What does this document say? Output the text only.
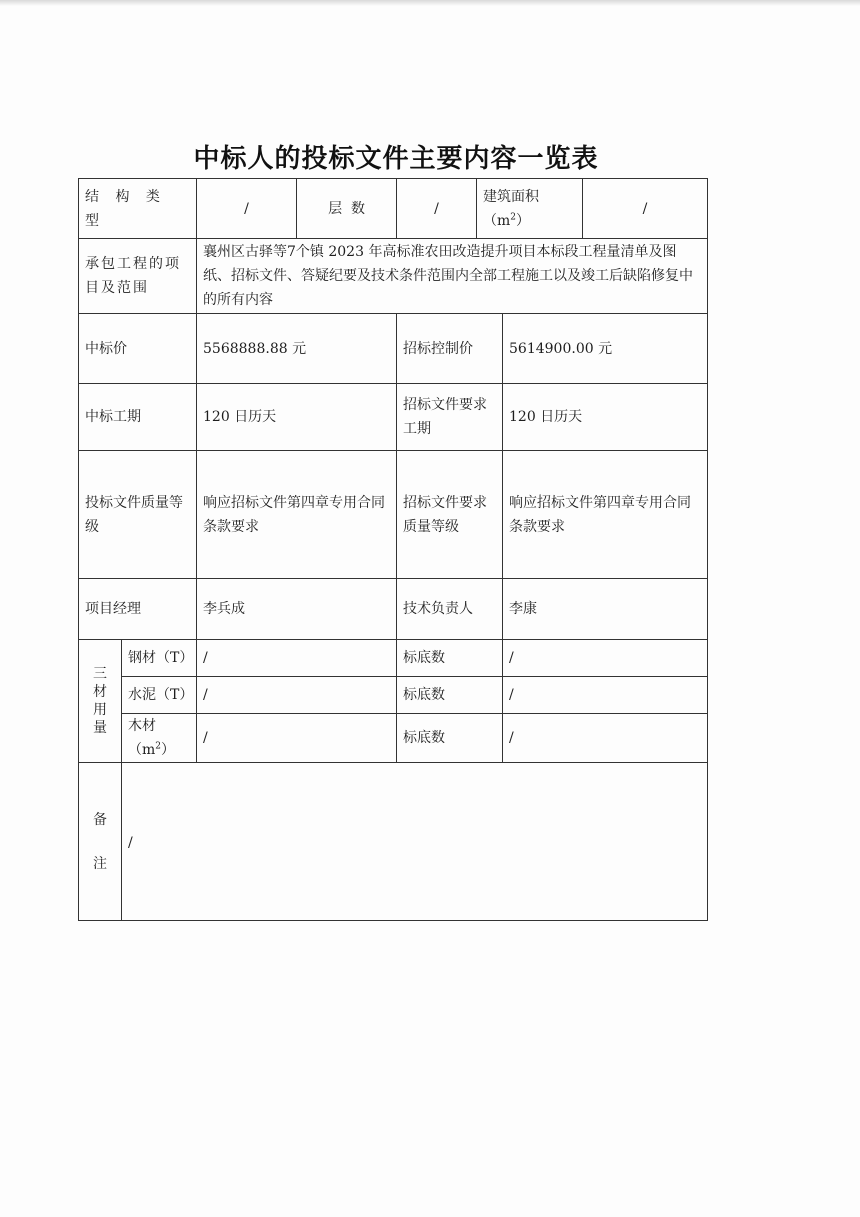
中标人的投标文件主要内容一览表
结 构 类 型		/	层  数	/	建筑面积$(m^2)$		/
承包工程的项目及范围		襄州区古驿等7个镇 2023 年高标准农田改造提升项目本标段工程量清单及图纸、招标文件、答疑纪要及技术条件范围内全部工程施工以及竣工后缺陷修复中的所有内容					
中标价		5568888.88 元		招标控制价		5614900.00 元	
中标工期		120 日历天		招标文件要求工期		120 日历天	
投标文件质量等级		响应招标文件第四章专用合同条款要求		招标文件要求质量等级		响应招标文件第四章专用合同条款要求	
项目经理		李兵成		技术负责人		李康	

三
材
用
量	钢材（T）	/		标底数		/	
	水泥（T）	/		标底数		/	
	木材$(m^2)$	/		标底数		/	

备
注	/						
